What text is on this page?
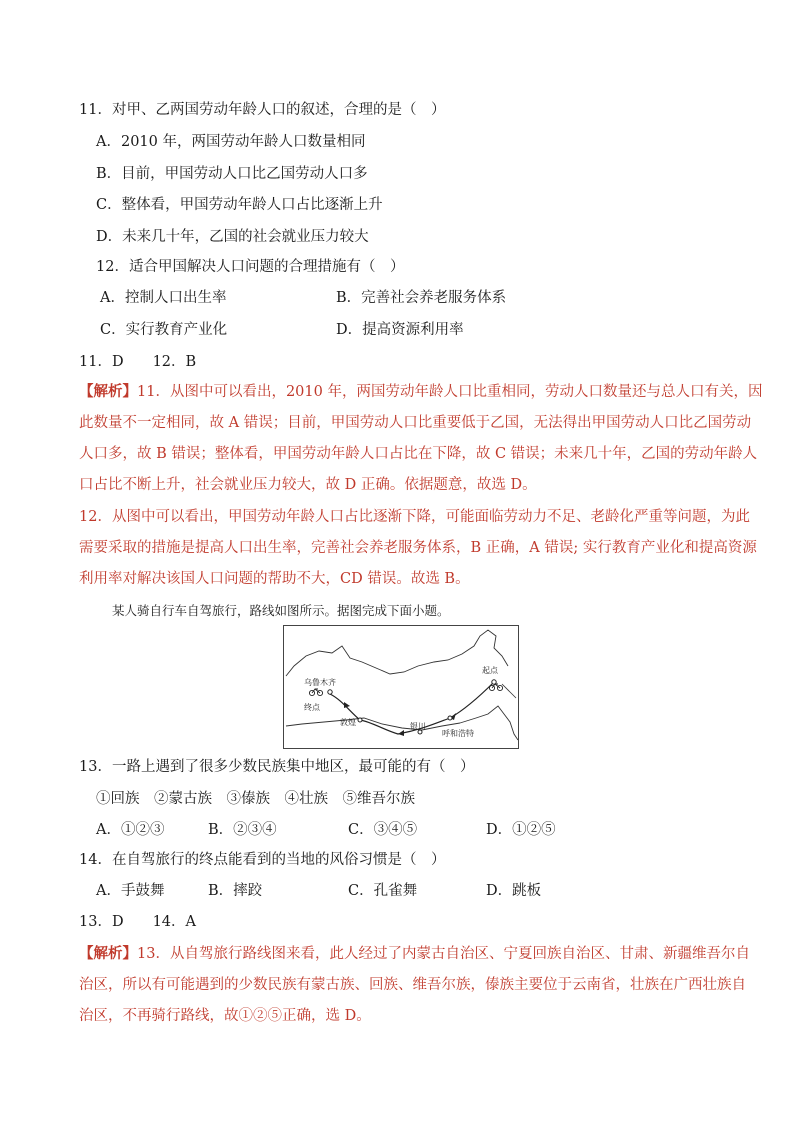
11．对甲、乙两国劳动年龄人口的叙述，合理的是（　）
A．2010 年，两国劳动年龄人口数量相同
B．目前，甲国劳动人口比乙国劳动人口多
C．整体看，甲国劳动年龄人口占比逐渐上升
D．未来几十年，乙国的社会就业压力较大
12．适合甲国解决人口问题的合理措施有（　）
A．控制人口出生率	B．完善社会养老服务体系
C．实行教育产业化	D．提高资源利用率
11．D　　12．B
【解析】11．从图中可以看出，2010 年，两国劳动年龄人口比重相同，劳动人口数量还与总人口有关，因
此数量不一定相同，故 A 错误；目前，甲国劳动人口比重要低于乙国，无法得出甲国劳动人口比乙国劳动
人口多，故 B 错误；整体看，甲国劳动年龄人口占比在下降，故 C 错误；未来几十年，乙国的劳动年龄人
口占比不断上升，社会就业压力较大，故 D 正确。依据题意，故选 D。
12．从图中可以看出，甲国劳动年龄人口占比逐渐下降，可能面临劳动力不足、老龄化严重等问题，为此
需要采取的措施是提高人口出生率，完善社会养老服务体系，B 正确，A 错误; 实行教育产业化和提高资源
利用率对解决该国人口问题的帮助不大，CD 错误。故选 B。
某人骑自行车自驾旅行，路线如图所示。据图完成下面小题。
起点
乌鲁木齐
终点
敦煌	银川
呼和浩特
13．一路上遇到了很多少数民族集中地区，最可能的有（　）
①回族　②蒙古族　③傣族　④壮族　⑤维吾尔族
A．①②③	B．②③④	C．③④⑤	D．①②⑤
14．在自驾旅行的终点能看到的当地的风俗习惯是（　）
A．手鼓舞	B．摔跤	C．孔雀舞	D．跳板
13．D　　14．A
【解析】13．从自驾旅行路线图来看，此人经过了内蒙古自治区、宁夏回族自治区、甘肃、新疆维吾尔自
治区，所以有可能遇到的少数民族有蒙古族、回族、维吾尔族，傣族主要位于云南省，壮族在广西壮族自
治区，不再骑行路线，故①②⑤正确，选 D。
